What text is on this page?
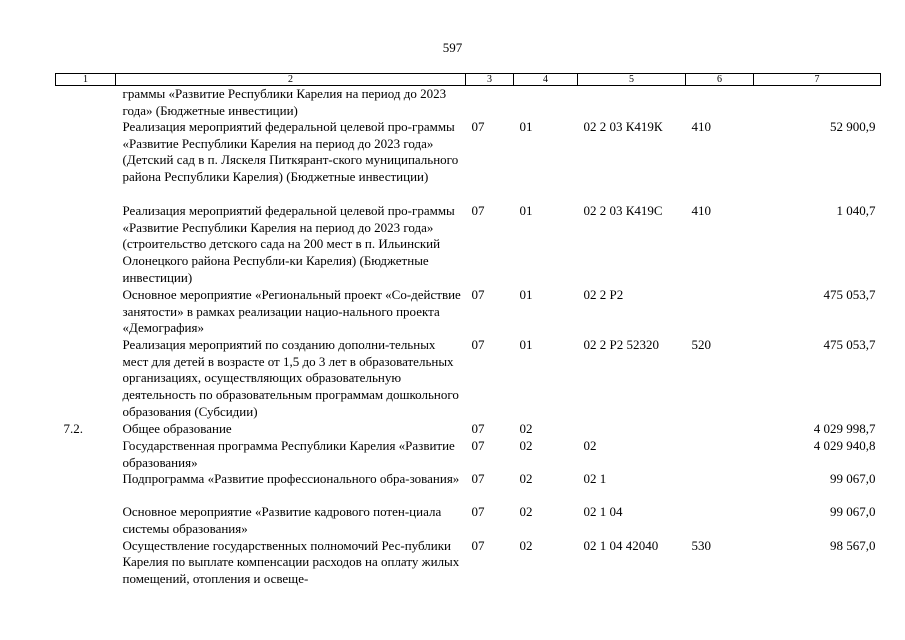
597
1	2	3	4	5	6	7
	граммы «Развитие Республики Карелия на период до 2023 года» (Бюджетные инвестиции)					
	Реализация мероприятий федеральной целевой про-граммы «Развитие Республики Карелия на период до 2023 года» (Детский сад в п. Ляскеля Питкярант-ского муниципального района Республики Карелия) (Бюджетные инвестиции)	07	01	02 2 03 К419К	410	52 900,9
	Реализация мероприятий федеральной целевой про-граммы «Развитие Республики Карелия на период до 2023 года» (строительство детского сада на 200 мест в п. Ильинский Олонецкого района Республи-ки Карелия) (Бюджетные инвестиции)	07	01	02 2 03 К419С	410	1 040,7
	Основное мероприятие «Региональный проект «Со-действие занятости» в рамках реализации нацио-нального проекта «Демография»	07	01	02 2 P2		475 053,7
	Реализация мероприятий по созданию дополни-тельных мест для детей в возрасте от 1,5 до 3 лет в образовательных организациях, осуществляющих образовательную деятельность по образовательным программам дошкольного образования (Субсидии)	07	01	02 2 P2 52320	520	475 053,7
7.2.	Общее образование	07	02			4 029 998,7
	Государственная программа Республики Карелия «Развитие образования»	07	02	02		4 029 940,8
	Подпрограмма «Развитие профессионального обра-зования»	07	02	02 1		99 067,0
	Основное мероприятие «Развитие кадрового потен-циала системы образования»	07	02	02 1 04		99 067,0
	Осуществление государственных полномочий Рес-публики Карелия по выплате компенсации расходов на оплату жилых помещений, отопления и освеще-	07	02	02 1 04 42040	530	98 567,0
